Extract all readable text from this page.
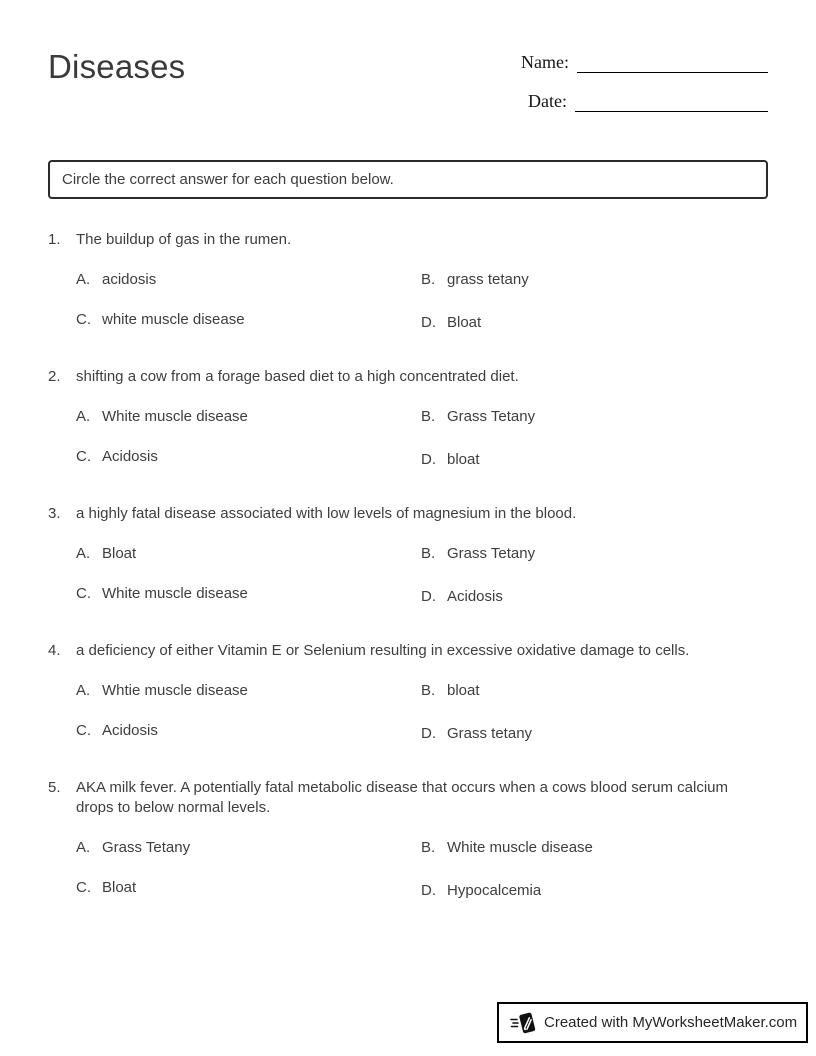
Diseases	Name:
Date:
Circle the correct answer for each question below.
1.	The buildup of gas in the rumen.
A. acidosis	B. grass tetany
C. white muscle disease	D. Bloat
2.	shifting a cow from a forage based diet to a high concentrated diet.
A. White muscle disease	B. Grass Tetany
C. Acidosis	D. bloat
3.	a highly fatal disease associated with low levels of magnesium in the blood.
A. Bloat	B. Grass Tetany
C. White muscle disease	D. Acidosis
4.	a deficiency of either Vitamin E or Selenium resulting in excessive oxidative damage to cells.
A. Whtie muscle disease	B. bloat
C. Acidosis	D. Grass tetany
5.	AKA milk fever. A potentially fatal metabolic disease that occurs when a cows blood serum calcium drops to below normal levels.
A. Grass Tetany	B. White muscle disease
C. Bloat	D. Hypocalcemia
Created with MyWorksheetMaker.com
